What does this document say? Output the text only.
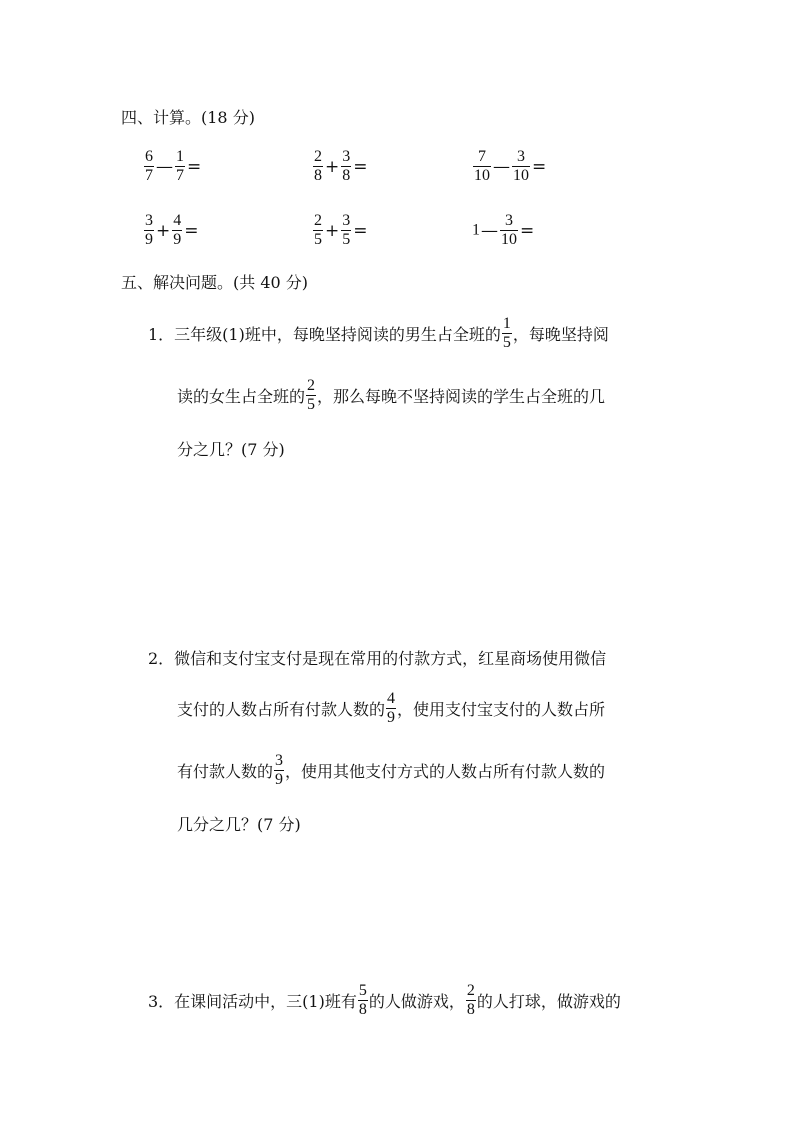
四、计算。(18 分)
$\frac{6}{7}$ — $\frac{1}{7}$ =	$\frac{2}{8} + \frac{3}{8}$ =	$\frac{7}{10}$ — $\frac{3}{10}$ =
$\frac{3}{9} + \frac{4}{9}$ =	$\frac{2}{5} + \frac{3}{5}$ =	1— $\frac{3}{10}$ =
五、解决问题。(共 40 分)
1．三年级(1)班中，每晚坚持阅读的男生占全班的 $\frac{1}{5}$ ，每晚坚持阅
读的女生占全班的 $\frac{2}{5}$ ，那么每晚不坚持阅读的学生占全班的几
分之几？(7 分)
2．微信和支付宝支付是现在常用的付款方式，红星商场使用微信
支付的人数占所有付款人数的 $\frac{4}{9}$ ，使用支付宝支付的人数占所
有付款人数的 $\frac{3}{9}$ ，使用其他支付方式的人数占所有付款人数的
几分之几？(7 分)
3．在课间活动中，三(1)班有 $\frac{5}{8}$ 的人做游戏， $\frac{2}{8}$ 的人打球，做游戏的
